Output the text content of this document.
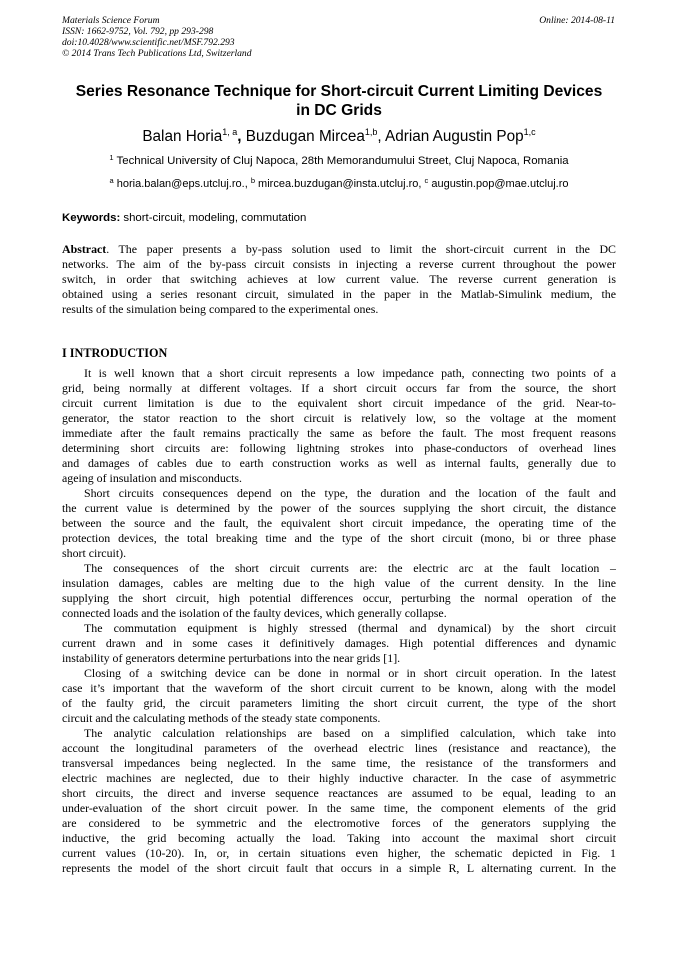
Materials Science Forum
ISSN: 1662-9752, Vol. 792, pp 293-298
doi:10.4028/www.scientific.net/MSF.792.293
© 2014 Trans Tech Publications Ltd, Switzerland
Online: 2014-08-11
Series Resonance Technique for Short-circuit Current Limiting Devices
in DC Grids
Balan Horia$^{1, a}$, Buzdugan Mircea$^{1,b}$, Adrian Augustin Pop$^{1,c}$
$^1$ Technical University of Cluj Napoca, 28th Memorandumului Street, Cluj Napoca, Romania
$^a$ horia.balan@eps.utcluj.ro., $^b$ mircea.buzdugan@insta.utcluj.ro, $^c$ augustin.pop@mae.utcluj.ro
Keywords: short-circuit, modeling, commutation
Abstract. The paper presents a by-pass solution used to limit the short-circuit current in the DC
networks. The aim of the by-pass circuit consists in injecting a reverse current throughout the power
switch, in order that switching achieves at low current value. The reverse current generation is
obtained using a series resonant circuit, simulated in the paper in the Matlab-Simulink medium, the
results of the simulation being compared to the experimental ones.
I INTRODUCTION
It is well known that a short circuit represents a low impedance path, connecting two points of a
grid, being normally at different voltages. If a short circuit occurs far from the source, the short
circuit current limitation is due to the equivalent short circuit impedance of the grid. Near-to-
generator, the stator reaction to the short circuit is relatively low, so the voltage at the moment
immediate after the fault remains practically the same as before the fault. The most frequent reasons
determining short circuits are: following lightning strokes into phase-conductors of overhead lines
and damages of cables due to earth construction works as well as internal faults, generally due to
ageing of insulation and misconducts.
Short circuits consequences depend on the type, the duration and the location of the fault and
the current value is determined by the power of the sources supplying the short circuit, the distance
between the source and the fault, the equivalent short circuit impedance, the operating time of the
protection devices, the total breaking time and the type of the short circuit (mono, bi or three phase
short circuit).
The consequences of the short circuit currents are: the electric arc at the fault location –
insulation damages, cables are melting due to the high value of the current density. In the line
supplying the short circuit, high potential differences occur, perturbing the normal operation of the
connected loads and the isolation of the faulty devices, which generally collapse.
The commutation equipment is highly stressed (thermal and dynamical) by the short circuit
current drawn and in some cases it definitively damages. High potential differences and dynamic
instability of generators determine perturbations into the near grids [1].
Closing of a switching device can be done in normal or in short circuit operation. In the latest
case it’s important that the waveform of the short circuit current to be known, along with the model
of the faulty grid, the circuit parameters limiting the short circuit current, the type of the short
circuit and the calculating methods of the steady state components.
The analytic calculation relationships are based on a simplified calculation, which take into
account the longitudinal parameters of the overhead electric lines (resistance and reactance), the
transversal impedances being neglected. In the same time, the resistance of the transformers and
electric machines are neglected, due to their highly inductive character. In the case of asymmetric
short circuits, the direct and inverse sequence reactances are assumed to be equal, leading to an
under-evaluation of the short circuit power. In the same time, the component elements of the grid
are considered to be symmetric and the electromotive forces of the generators supplying the
inductive, the grid becoming actually the load. Taking into account the maximal short circuit
current values (10-20). In, or, in certain situations even higher, the schematic depicted in Fig. 1
represents the model of the short circuit fault that occurs in a simple R, L alternating current. In the
